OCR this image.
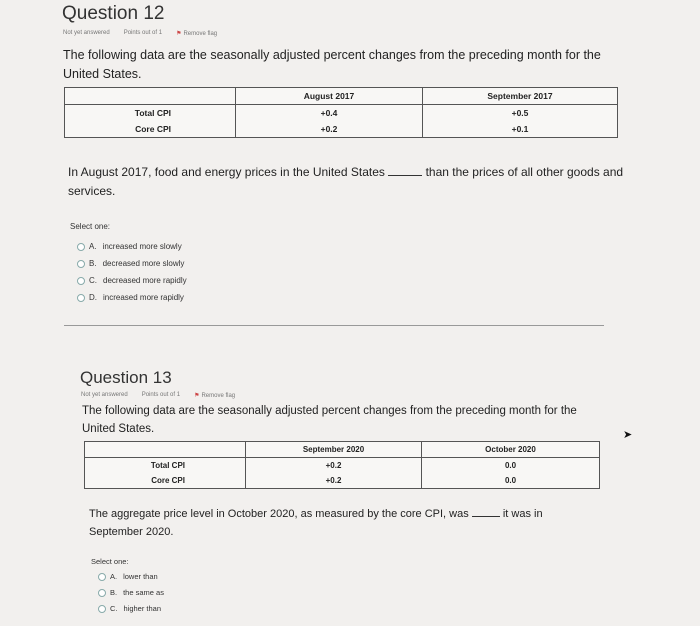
Question 12
Not yet answered Points out of 1 ⚑ Remove flag
The following data are the seasonally adjusted percent changes from the preceding month for the United States.
	August 2017	September 2017
Total CPI	+0.4	+0.5
Core CPI	+0.2	+0.1
In August 2017, food and energy prices in the United States	than the prices of all other goods and services.
Select one:
A. increased more slowly
B. decreased more slowly
C. decreased more rapidly
D. increased more rapidly
Question 13
Not yet answered Points out of 1 ⚑ Remove flag
The following data are the seasonally adjusted percent changes from the preceding month for the United States.
	September 2020	October 2020
Total CPI	+0.2	0.0
Core CPI	+0.2	0.0
➤
The aggregate price level in October 2020, as measured by the core CPI, was	it was in September 2020.
Select one:
A. lower than
B. the same as
C. higher than
